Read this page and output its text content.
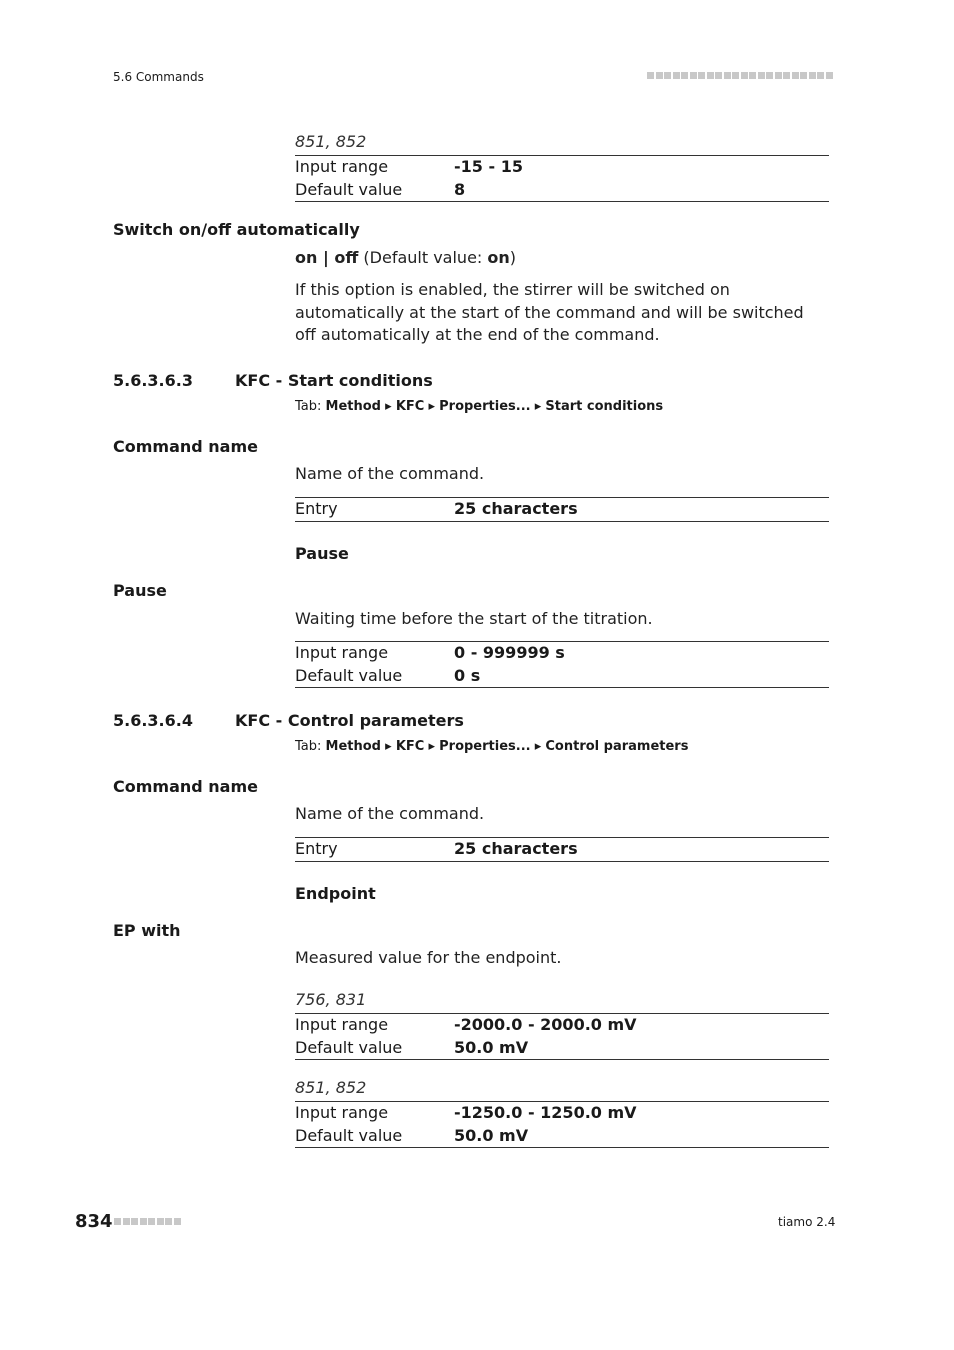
5.6 Commands
851, 852
Input range	-15 - 15
Default value	8
Switch on/off automatically
on | off (Default value: on)
If this option is enabled, the stirrer will be switched on automatically at the start of the command and will be switched off automatically at the end of the command.
5.6.3.6.3	KFC - Start conditions
Tab: Method ▸ KFC ▸ Properties... ▸ Start conditions
Command name
Name of the command.
Entry	25 characters
Pause
Pause
Waiting time before the start of the titration.
Input range	0 - 999999 s
Default value	0 s
5.6.3.6.4	KFC - Control parameters
Tab: Method ▸ KFC ▸ Properties... ▸ Control parameters
Command name
Name of the command.
Entry	25 characters
Endpoint
EP with
Measured value for the endpoint.
756, 831
Input range	-2000.0 - 2000.0 mV
Default value	50.0 mV
851, 852
Input range	-1250.0 - 1250.0 mV
Default value	50.0 mV
834	tiamo 2.4
